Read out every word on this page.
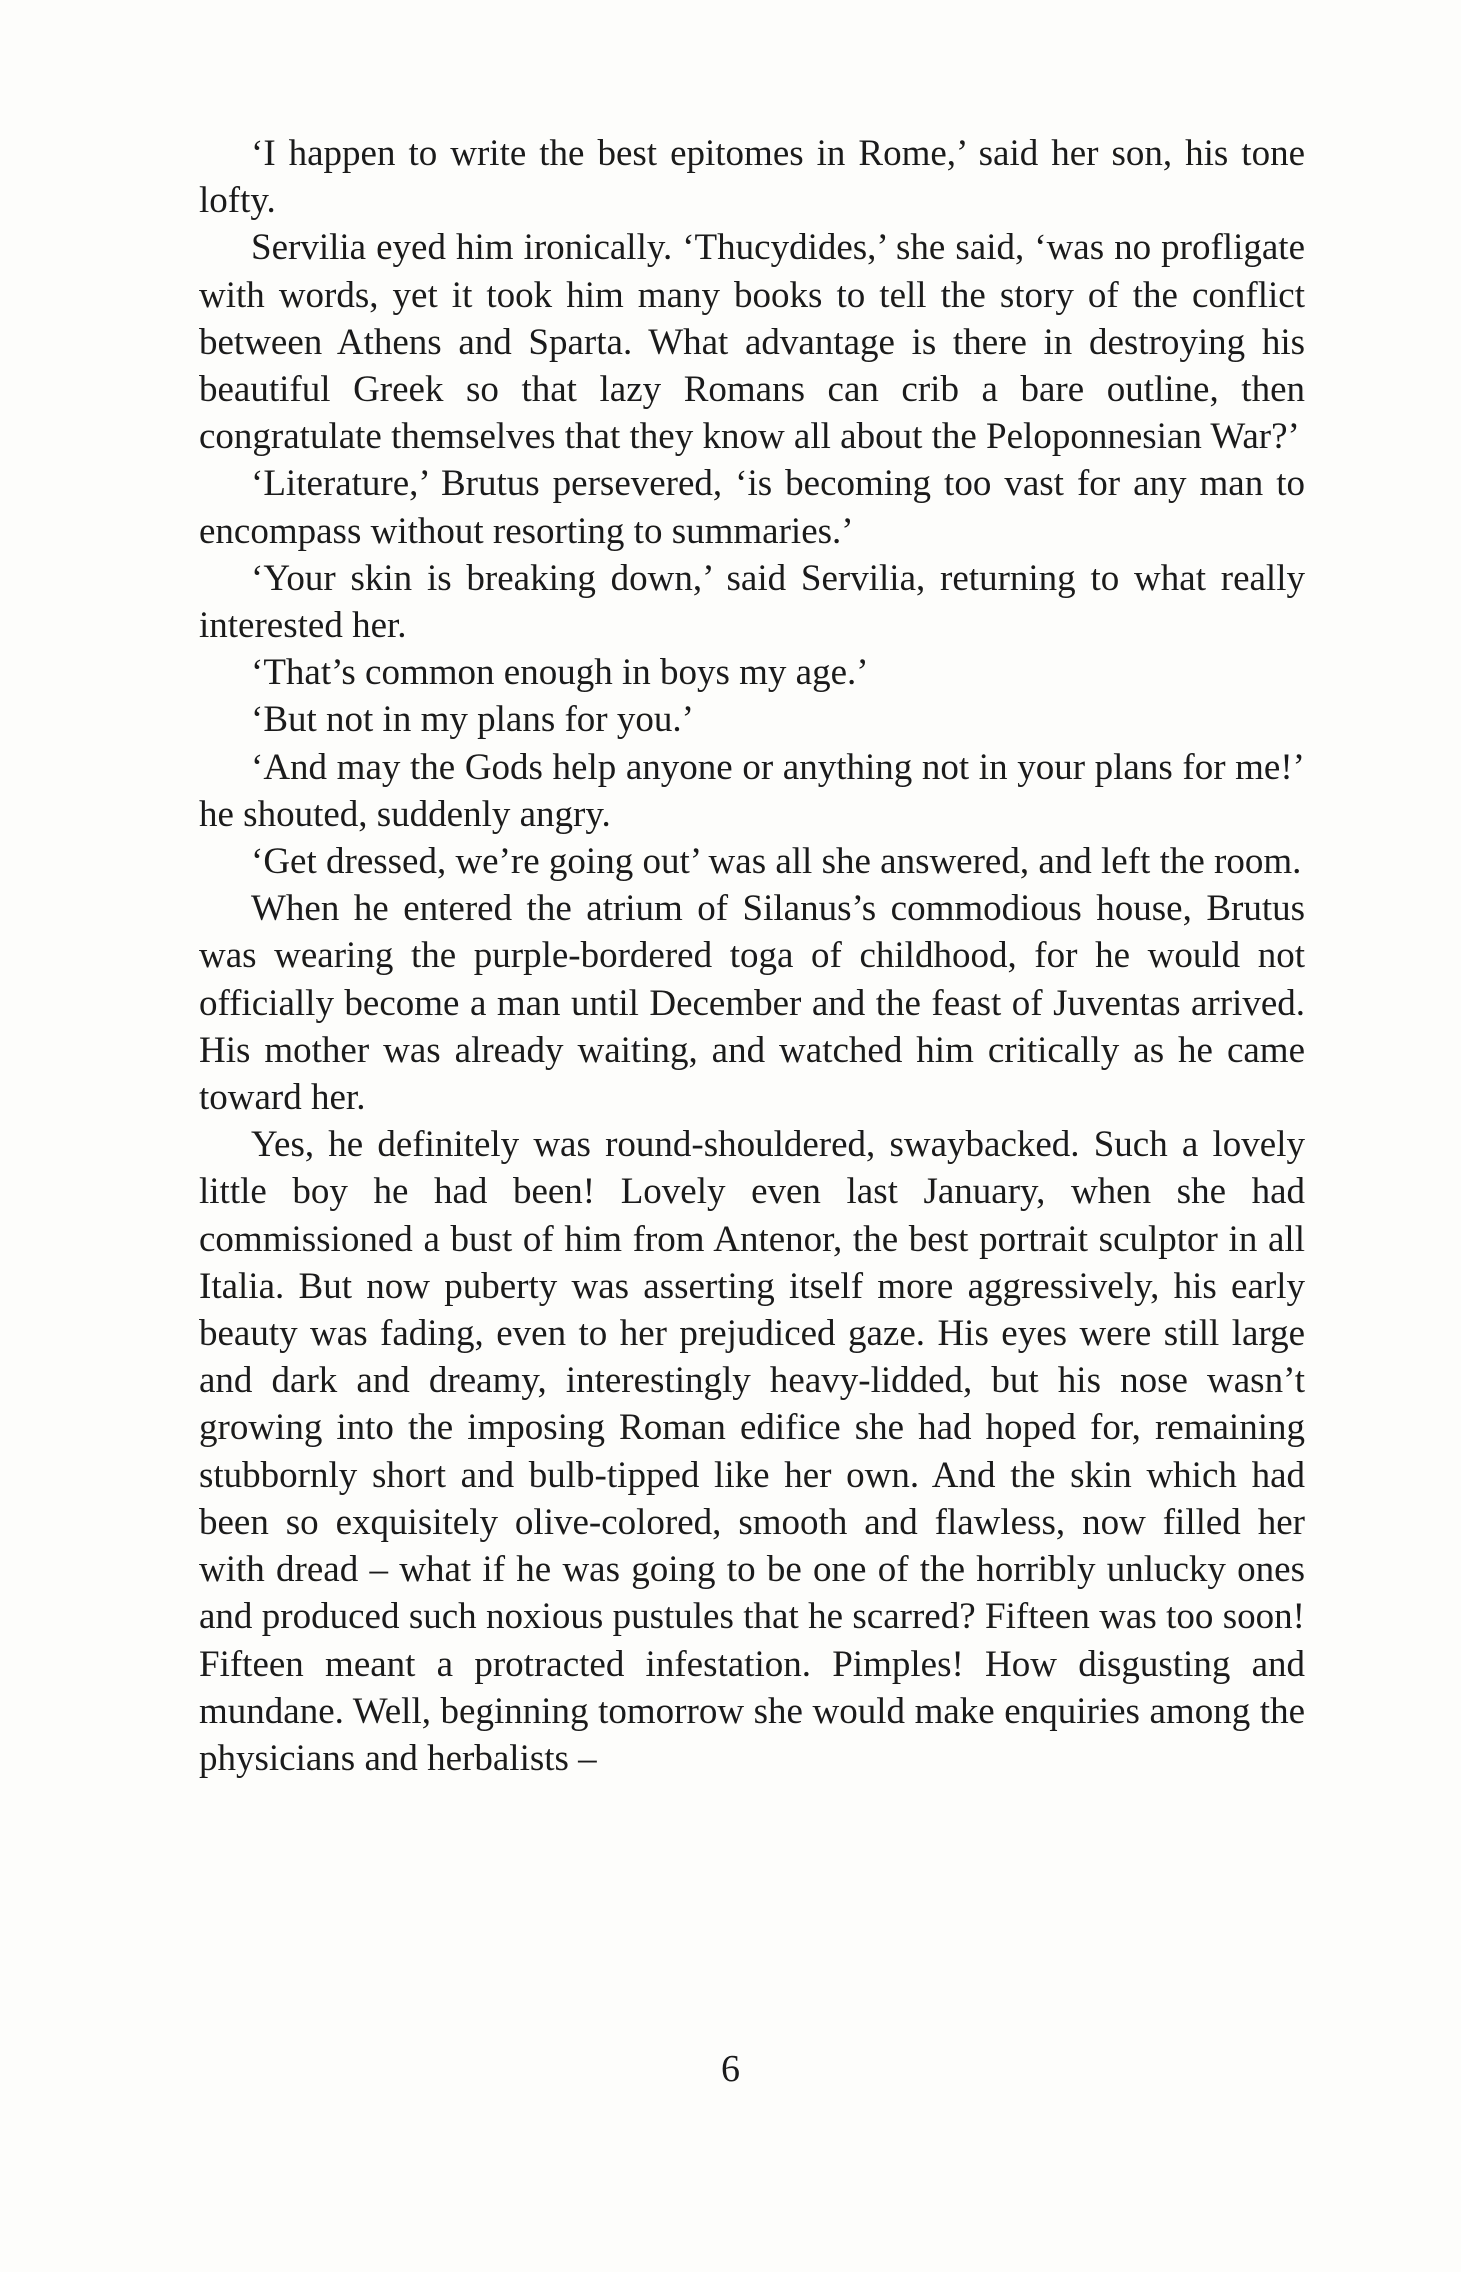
‘I happen to write the best epitomes in Rome,’ said her son, his tone lofty.

Servilia eyed him ironically. ‘Thucydides,’ she said, ‘was no profligate with words, yet it took him many books to tell the story of the conflict between Athens and Sparta. What advantage is there in destroying his beautiful Greek so that lazy Romans can crib a bare outline, then congratulate themselves that they know all about the Peloponnesian War?’

‘Literature,’ Brutus persevered, ‘is becoming too vast for any man to encompass without resorting to summaries.’

‘Your skin is breaking down,’ said Servilia, returning to what really interested her.

‘That’s common enough in boys my age.’

‘But not in my plans for you.’

‘And may the Gods help anyone or anything not in your plans for me!’ he shouted, suddenly angry.

‘Get dressed, we’re going out’ was all she answered, and left the room.

When he entered the atrium of Silanus’s commodious house, Brutus was wearing the purple-bordered toga of childhood, for he would not officially become a man until December and the feast of Juventas arrived. His mother was already waiting, and watched him critically as he came toward her.

Yes, he definitely was round-shouldered, swaybacked. Such a lovely little boy he had been! Lovely even last January, when she had commissioned a bust of him from Antenor, the best portrait sculptor in all Italia. But now puberty was asserting itself more aggressively, his early beauty was fading, even to her prejudiced gaze. His eyes were still large and dark and dreamy, interestingly heavy-lidded, but his nose wasn’t growing into the imposing Roman edifice she had hoped for, remaining stubbornly short and bulb-tipped like her own. And the skin which had been so exquisitely olive-colored, smooth and flawless, now filled her with dread – what if he was going to be one of the horribly unlucky ones and produced such noxious pustules that he scarred? Fifteen was too soon! Fifteen meant a protracted infestation. Pimples! How disgusting and mundane. Well, beginning tomorrow she would make enquiries among the physicians and herbalists –

6
